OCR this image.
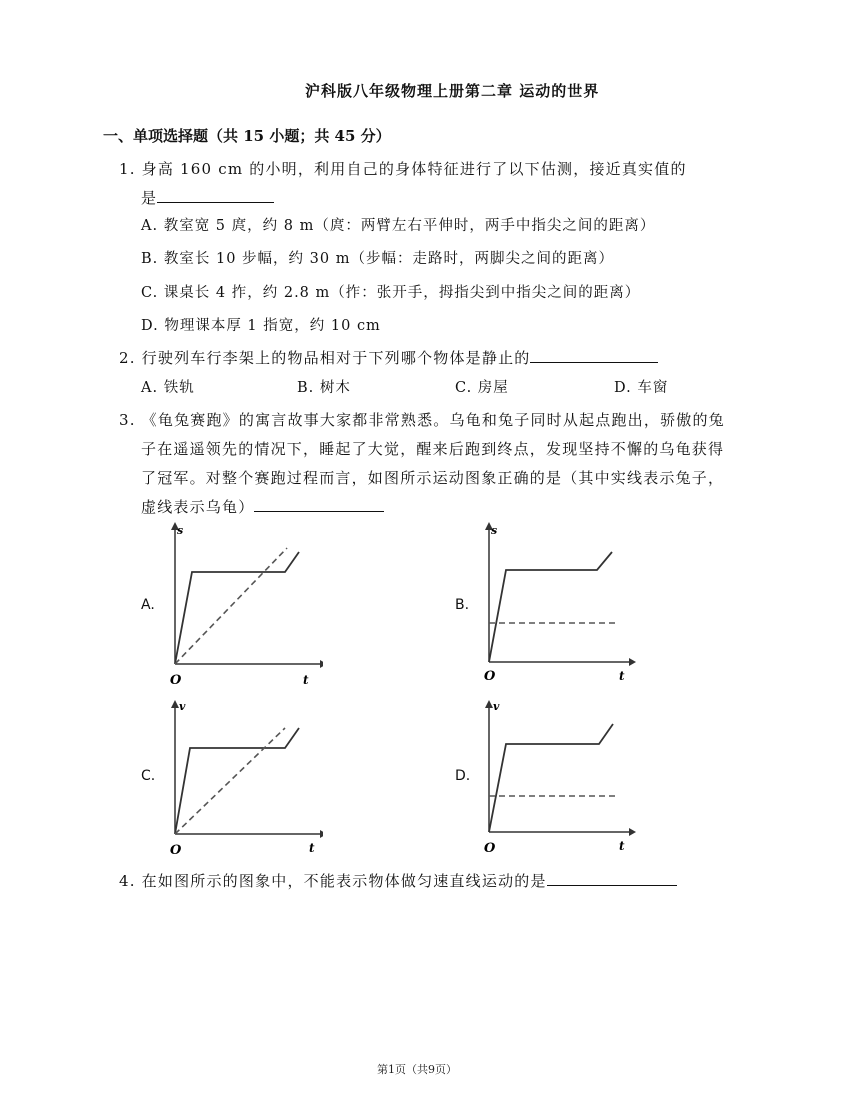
沪科版八年级物理上册第二章 运动的世界
一、单项选择题（共 15 小题；共 45 分）
1. 身高 160 cm 的小明，利用自己的身体特征进行了以下估测，接近真实值的
是
A. 教室宽 5 庹，约 8 m（庹：两臂左右平伸时，两手中指尖之间的距离）
B. 教室长 10 步幅，约 30 m（步幅：走路时，两脚尖之间的距离）
C. 课桌长 4 拃，约 2.8 m（拃：张开手，拇指尖到中指尖之间的距离）
D. 物理课本厚 1 指宽，约 10 cm
2. 行驶列车行李架上的物品相对于下列哪个物体是静止的
A. 铁轨	B. 树木	C. 房屋	D. 车窗
3. 《龟兔赛跑》的寓言故事大家都非常熟悉。乌龟和兔子同时从起点跑出，骄傲的兔
子在遥遥领先的情况下，睡起了大觉，醒来后跑到终点，发现坚持不懈的乌龟获得
了冠军。对整个赛跑过程而言，如图所示运动图象正确的是（其中实线表示兔子，
虚线表示乌龟）
A.
s
t
O
B.
s
t
O
C.
v
t
O
D.
v
t
O
4. 在如图所示的图象中，不能表示物体做匀速直线运动的是
第1页（共9页）
